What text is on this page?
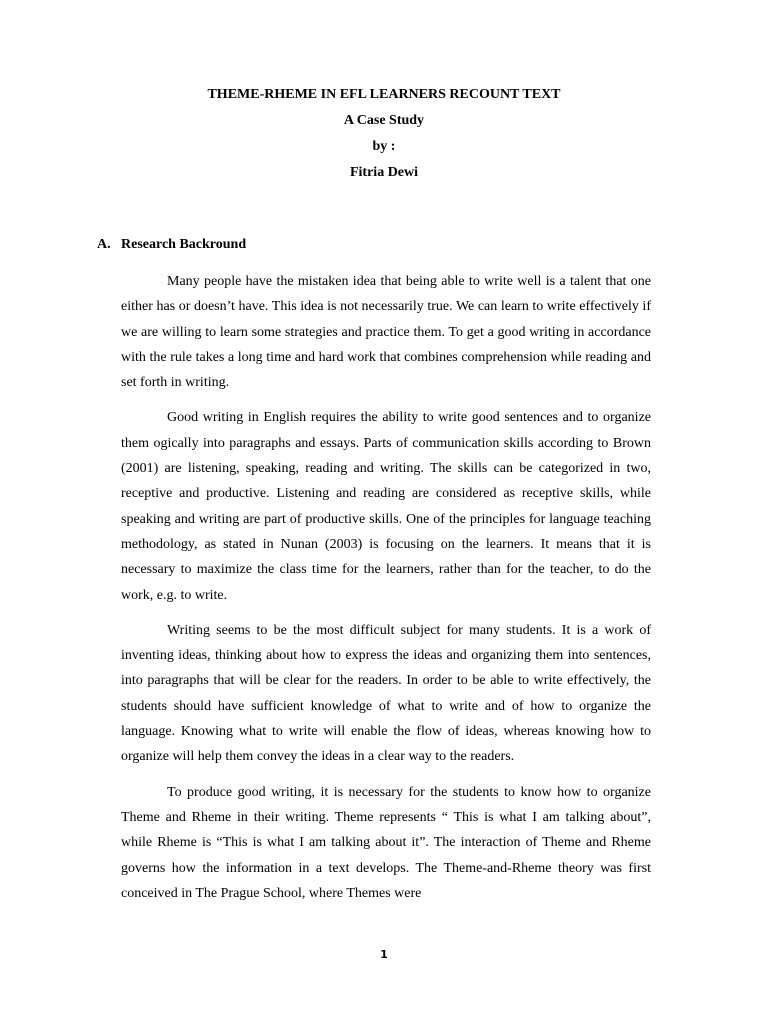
THEME-RHEME IN EFL LEARNERS RECOUNT TEXT
A Case Study
by :
Fitria Dewi
A. Research Backround

Many people have the mistaken idea that being able to write well is a talent that one either has or doesn’t have. This idea is not necessarily true. We can learn to write effectively if we are willing to learn some strategies and practice them. To get a good writing in accordance with the rule takes a long time and hard work that combines comprehension while reading and set forth in writing.

Good writing in English requires the ability to write good sentences and to organize them ogically into paragraphs and essays. Parts of communication skills according to Brown (2001) are listening, speaking, reading and writing. The skills can be categorized in two, receptive and productive. Listening and reading are considered as receptive skills, while speaking and writing are part of productive skills. One of the principles for language teaching methodology, as stated in Nunan (2003) is focusing on the learners. It means that it is necessary to maximize the class time for the learners, rather than for the teacher, to do the work, e.g. to write.

Writing seems to be the most difficult subject for many students. It is a work of inventing ideas, thinking about how to express the ideas and organizing them into sentences, into paragraphs that will be clear for the readers. In order to be able to write effectively, the students should have sufficient knowledge of what to write and of how to organize the language. Knowing what to write will enable the flow of ideas, whereas knowing how to organize will help them convey the ideas in a clear way to the readers.

To produce good writing, it is necessary for the students to know how to organize Theme and Rheme in their writing. Theme represents “ This is what I am talking about”, while Rheme is “This is what I am talking about it”. The interaction of Theme and Rheme governs how the information in a text develops. The Theme-and-Rheme theory was first conceived in The Prague School, where Themes were

1
